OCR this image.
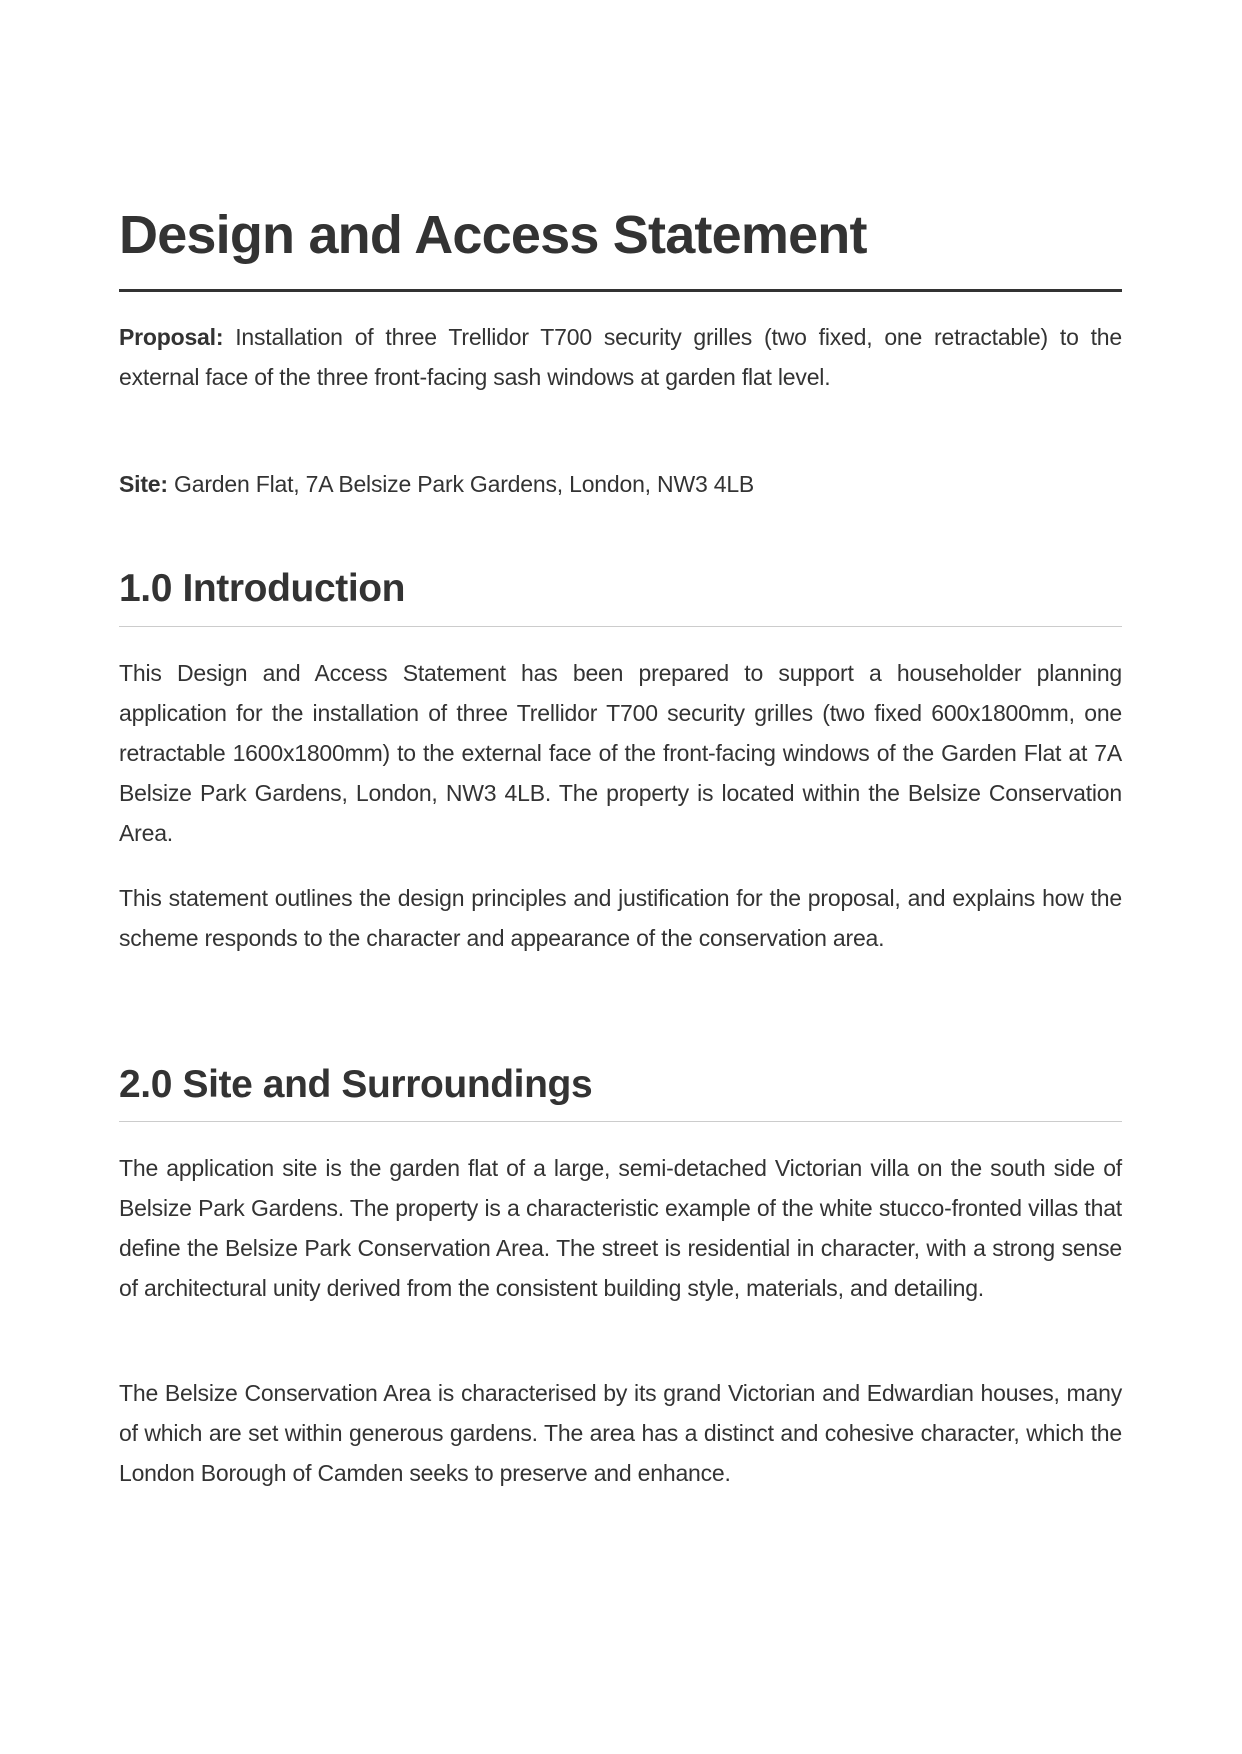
Design and Access Statement

Proposal: Installation of three Trellidor T700 security grilles (two fixed, one retractable) to the external face of the three front-facing sash windows at garden flat level.

Site: Garden Flat, 7A Belsize Park Gardens, London, NW3 4LB

1.0 Introduction

This Design and Access Statement has been prepared to support a householder planning application for the installation of three Trellidor T700 security grilles (two fixed 600x1800mm, one retractable 1600x1800mm) to the external face of the front-facing windows of the Garden Flat at 7A Belsize Park Gardens, London, NW3 4LB. The property is located within the Belsize Conservation Area.

This statement outlines the design principles and justification for the proposal, and explains how the scheme responds to the character and appearance of the conservation area.

2.0 Site and Surroundings

The application site is the garden flat of a large, semi-detached Victorian villa on the south side of Belsize Park Gardens. The property is a characteristic example of the white stucco-fronted villas that define the Belsize Park Conservation Area. The street is residential in character, with a strong sense of architectural unity derived from the consistent building style, materials, and detailing.

The Belsize Conservation Area is characterised by its grand Victorian and Edwardian houses, many of which are set within generous gardens. The area has a distinct and cohesive character, which the London Borough of Camden seeks to preserve and enhance.
